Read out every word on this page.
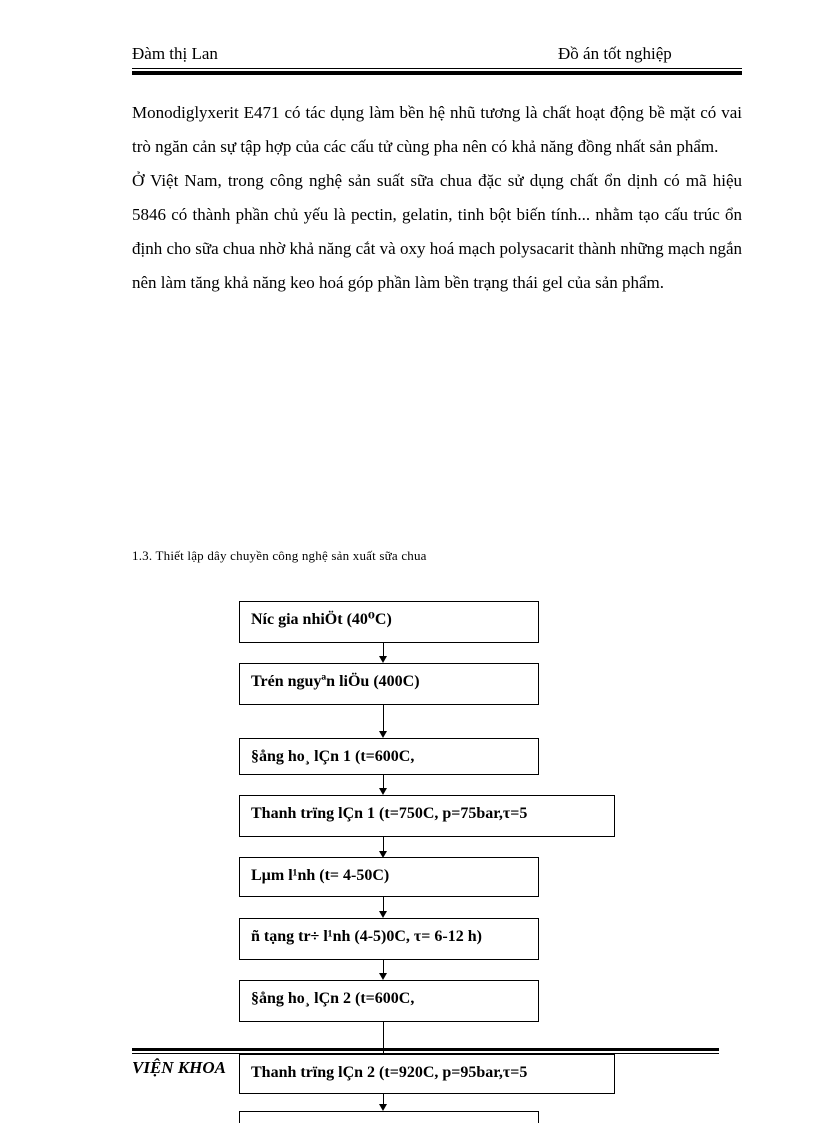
Đàm thị Lan	Đồ án tốt nghiệp

Monodiglyxerit E471 có tác dụng làm bền hệ nhũ tương là chất hoạt động bề mặt có vai trò ngăn cản sự tập hợp của các cấu tử cùng pha nên có khả năng đồng nhất sản phẩm.

Ở Việt Nam, trong công nghệ sản suất sữa chua đặc sử dụng chất ổn dịnh có mã hiệu 5846 có thành phần chủ yếu là pectin, gelatin, tinh bột biến tính... nhằm tạo cấu trúc ổn định cho sữa chua nhờ khả năng cắt và oxy hoá mạch polysacarit thành những mạch ngắn nên làm tăng khả năng keo hoá góp phần làm bền trạng thái gel của sản phẩm.

1.3. Thiết lập dây chuyền công nghệ sản xuất sữa chua
Níc gia nhiÖt (40⁰C)
Trén nguyªn liÖu (400C)
§ång ho¸ lÇn 1 (t=600C,
Thanh trïng lÇn 1 (t=750C, p=75bar,τ=5
Lµm l¹nh (t= 4-50C)
ñ tạng tr÷ l¹nh (4-5)0C, τ= 6-12 h)
§ång ho¸ lÇn 2 (t=600C,
VIỆN KHOA	Thanh trïng lÇn 2 (t=920C, p=95bar,τ=5
